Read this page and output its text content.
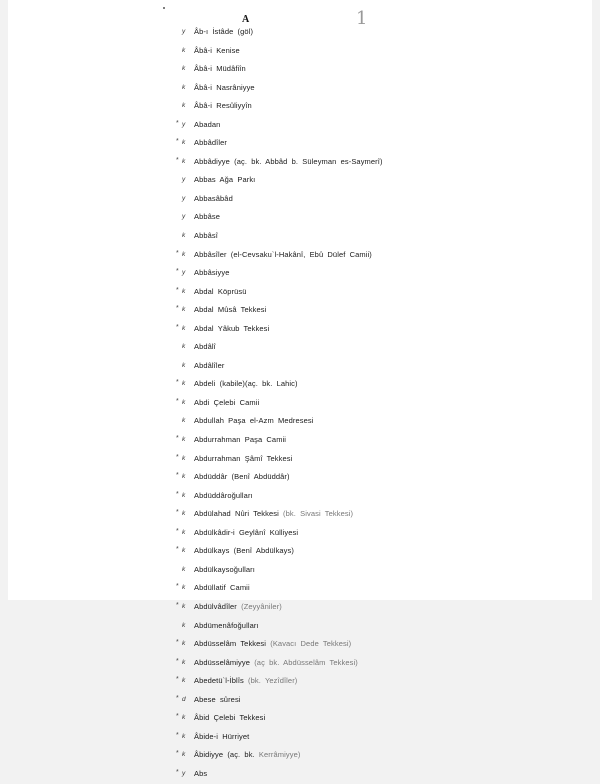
A	1
y Âb-ı İstâde (göl)
k Âbâ-i Kenise
k Âbâ-i Müdâfiîn
k Âbâ-i Nasrâniyye
k Âbâ-i Resûliyyîn
* y Abadan
* k Abbâdîler
* k Abbâdiyye (aç. bk. Abbâd b. Süleyman es-Saymerî)
y Abbas Ağa Parkı
y Abbasâbâd
y Abbâse
k Abbâsî
* k Abbâsîler (el-Cevsaku`l-Hakânî, Ebû Dülef Camii)
* y Abbâsiyye
* k Abdal Köprüsü
* k Abdal Mûsâ Tekkesi
* k Abdal Yâkub Tekkesi
k Abdâlî
k Abdâlîler
* k Abdeli (kabile)(aç. bk. Lahic)
* k Abdi Çelebi Camii
k Abdullah Paşa el-Azm Medresesi
* k Abdurrahman Paşa Camii
* k Abdurrahman Şâmî Tekkesi
* k Abdüddâr (Benî Abdüddâr)
* k Abdüddâroğulları
* k Abdülahad Nûri Tekkesi (bk. Sivasi Tekkesi)
* k Abdülkâdir-i Geylânî Külliyesi
* k Abdülkays (Benî Abdülkays)
k Abdülkaysoğulları
* k Abdüllatif Camii
* k Abdülvâdîler (Zeyyâniler)
k Abdümenâfoğulları
* k Abdüsselâm Tekkesi (Kavacı Dede Tekkesi)
* k Abdüsselâmiyye (aç bk. Abdüsselâm Tekkesi)
* k Abedetü`l-İblîs (bk. Yezîdîler)
* d Abese sûresi
* k Âbid Çelebi Tekkesi
* k Âbide-i Hürriyet
* k Âbidiyye (aç. bk. Kerrâmiyye)
* y Abs
